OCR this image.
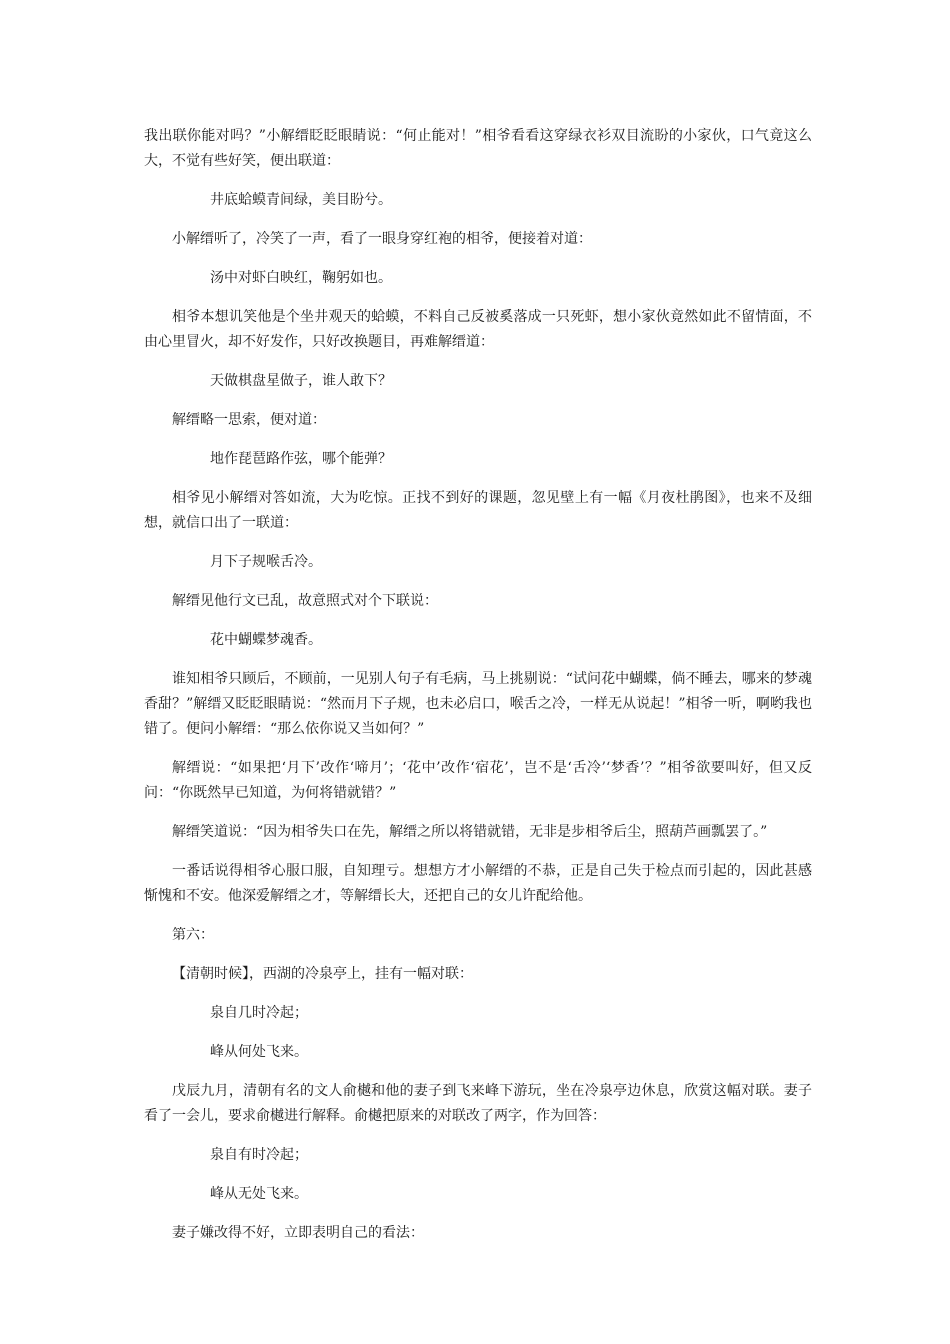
我出联你能对吗？”小解缙眨眨眼睛说：“何止能对！”相爷看看这穿绿衣衫双目流盼的小家伙，口气竟这么大，不觉有些好笑，便出联道：

井底蛤蟆青间绿，美目盼兮。

小解缙听了，冷笑了一声，看了一眼身穿红袍的相爷，便接着对道：

汤中对虾白映红，鞠躬如也。

相爷本想讥笑他是个坐井观天的蛤蟆，不料自己反被奚落成一只死虾，想小家伙竟然如此不留情面，不由心里冒火，却不好发作，只好改换题目，再难解缙道：

天做棋盘星做子，谁人敢下？

解缙略一思索，便对道：

地作琵琶路作弦，哪个能弹？

相爷见小解缙对答如流，大为吃惊。正找不到好的课题，忽见壁上有一幅《月夜杜鹃图》，也来不及细想，就信口出了一联道：

月下子规喉舌冷。

解缙见他行文已乱，故意照式对个下联说：

花中蝴蝶梦魂香。

谁知相爷只顾后，不顾前，一见别人句子有毛病，马上挑剔说：“试问花中蝴蝶，倘不睡去，哪来的梦魂香甜？”解缙又眨眨眼睛说：“然而月下子规，也未必启口，喉舌之冷，一样无从说起！”相爷一听，啊哟我也错了。便问小解缙：“那么依你说又当如何？”

解缙说：“如果把‘月下’改作‘啼月’；‘花中’改作‘宿花’，岂不是‘舌冷’‘梦香’？”相爷欲要叫好，但又反问：“你既然早已知道，为何将错就错？”

解缙笑道说：“因为相爷失口在先，解缙之所以将错就错，无非是步相爷后尘，照葫芦画瓢罢了。”

一番话说得相爷心服口服，自知理亏。想想方才小解缙的不恭，正是自己失于检点而引起的，因此甚感惭愧和不安。他深爱解缙之才，等解缙长大，还把自己的女儿许配给他。

第六：

【清朝时候】，西湖的冷泉亭上，挂有一幅对联：

泉自几时冷起；

峰从何处飞来。

戊辰九月，清朝有名的文人俞樾和他的妻子到飞来峰下游玩，坐在冷泉亭边休息，欣赏这幅对联。妻子看了一会儿，要求俞樾进行解释。俞樾把原来的对联改了两字，作为回答：

泉自有时冷起；

峰从无处飞来。

妻子嫌改得不好，立即表明自己的看法：
